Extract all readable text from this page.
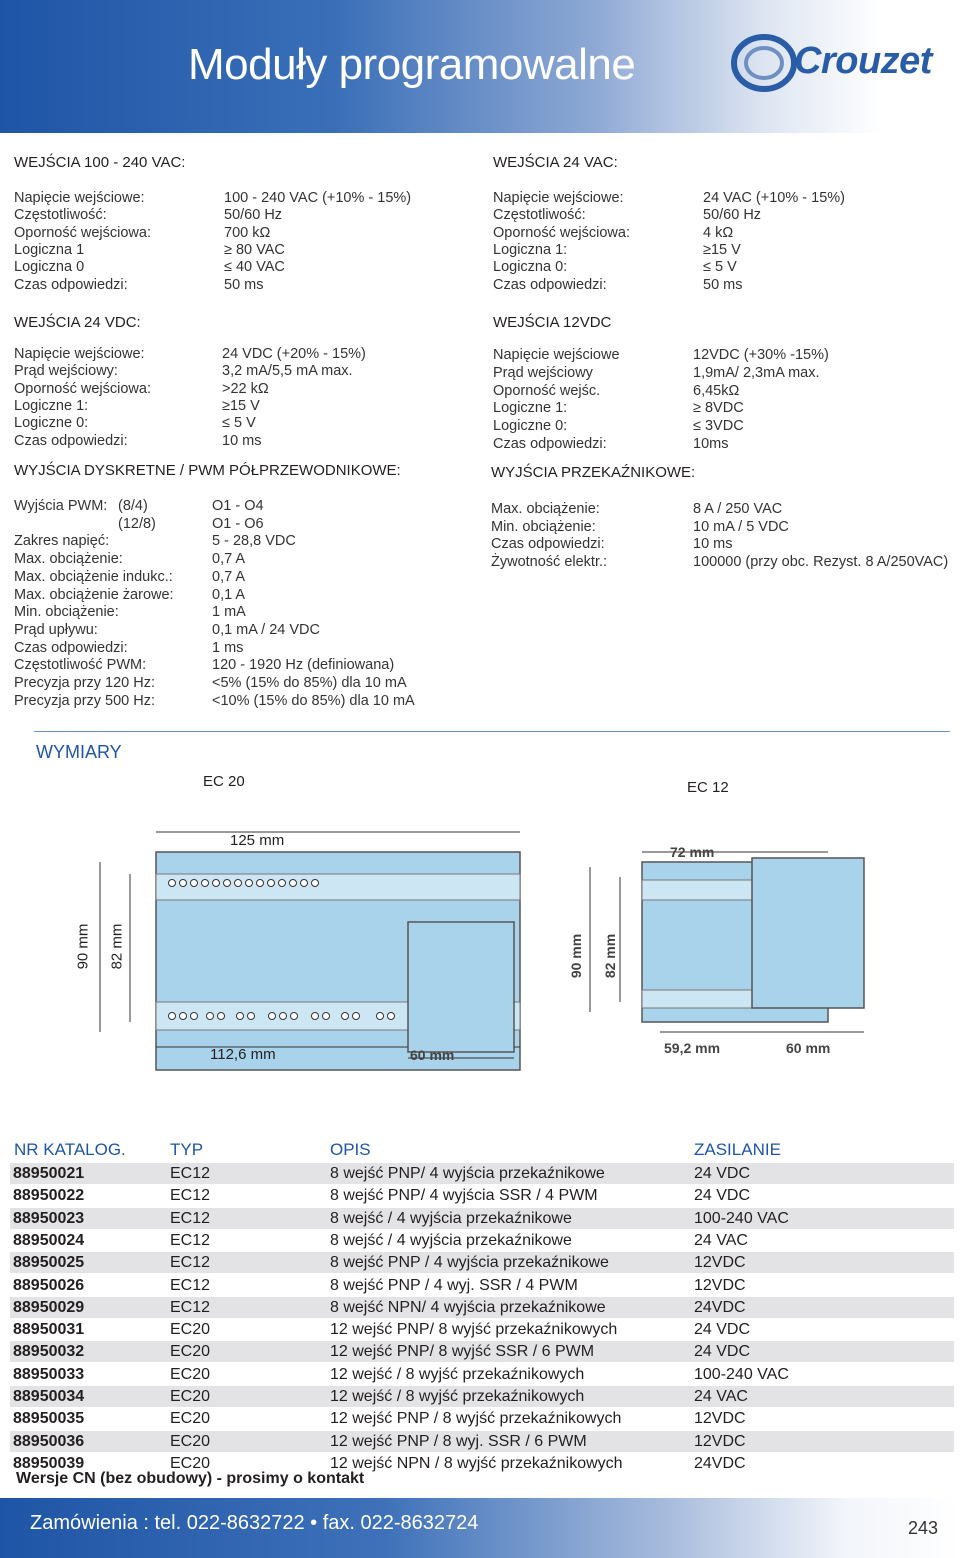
Moduły programowalne	Crouzet
WEJŚCIA 100 - 240 VAC:
Napięcie wejściowe:	100 - 240 VAC (+10% - 15%)
Częstotliwość:	50/60 Hz
Oporność wejściowa:	700 kΩ
Logiczna 1	≥ 80 VAC
Logiczna 0	≤ 40 VAC
Czas odpowiedzi:	50 ms
WEJŚCIA 24 VAC:
Napięcie wejściowe:	24 VAC (+10% - 15%)
Częstotliwość:	50/60 Hz
Oporność wejściowa:	4 kΩ
Logiczna 1:	≥15 V
Logiczna 0:	≤ 5 V
Czas odpowiedzi:	50 ms
WEJŚCIA 24 VDC:
Napięcie wejściowe:	24 VDC (+20% - 15%)
Prąd wejściowy:	3,2 mA/5,5 mA max.
Oporność wejściowa:	>22 kΩ
Logiczne 1:	≥15 V
Logiczne 0:	≤ 5 V
Czas odpowiedzi:	10 ms
WEJŚCIA 12VDC
Napięcie wejściowe	12VDC (+30% -15%)
Prąd wejściowy	1,9mA/ 2,3mA max.
Oporność wejśc.	6,45kΩ
Logiczne 1:	≥ 8VDC
Logiczne 0:	≤ 3VDC
Czas odpowiedzi:	10ms
WYJŚCIA DYSKRETNE / PWM PÓŁPRZEWODNIKOWE:
Wyjścia PWM: (8/4)	O1 - O4
(12/8)	O1 - O6
Zakres napięć:	5 - 28,8 VDC
Max. obciążenie:	0,7 A
Max. obciążenie indukc.:	0,7 A
Max. obciążenie żarowe:	0,1 A
Min. obciążenie:	1 mA
Prąd upływu:	0,1 mA / 24 VDC
Czas odpowiedzi:	1 ms
Częstotliwość PWM:	120 - 1920 Hz (definiowana)
Precyzja przy 120 Hz:	<5% (15% do 85%) dla 10 mA
Precyzja przy 500 Hz:	<10% (15% do 85%) dla 10 mA
WYJŚCIA PRZEKAŹNIKOWE:
Max. obciążenie:	8 A / 250 VAC
Min. obciążenie:	10 mA / 5 VDC
Czas odpowiedzi:	10 ms
Żywotność elektr.:	100000 (przy obc. Rezyst. 8 A/250VAC)
WYMIARY
EC 20	EC 12
125 mm
112,6 mm
90 mm 82 mm
60 mm
72 mm
59,2 mm
90 mm 82 mm
60 mm
NR KATALOG.	TYP	OPIS	ZASILANIE
88950021	EC12	8 wejść PNP/ 4 wyjścia przekaźnikowe	24 VDC
88950022	EC12	8 wejść PNP/ 4 wyjścia SSR / 4 PWM	24 VDC
88950023	EC12	8 wejść / 4 wyjścia przekaźnikowe	100-240 VAC
88950024	EC12	8 wejść / 4 wyjścia przekaźnikowe	24 VAC
88950025	EC12	8 wejść PNP / 4 wyjścia przekaźnikowe	12VDC
88950026	EC12	8 wejść PNP / 4 wyj. SSR / 4 PWM	12VDC
88950029	EC12	8 wejść NPN/ 4 wyjścia przekaźnikowe	24VDC
88950031	EC20	12 wejść PNP/ 8 wyjść przekaźnikowych	24 VDC
88950032	EC20	12 wejść PNP/ 8 wyjść SSR / 6 PWM	24 VDC
88950033	EC20	12 wejść / 8 wyjść przekaźnikowych	100-240 VAC
88950034	EC20	12 wejść / 8 wyjść przekaźnikowych	24 VAC
88950035	EC20	12 wejść PNP / 8 wyjść przekaźnikowych	12VDC
88950036	EC20	12 wejść PNP / 8 wyj. SSR / 6 PWM	12VDC
88950039	EC20	12 wejść NPN / 8 wyjść przekaźnikowych	24VDC
Wersje CN (bez obudowy) - prosimy o kontakt
Zamówienia : tel. 022-8632722 • fax. 022-8632724	243
